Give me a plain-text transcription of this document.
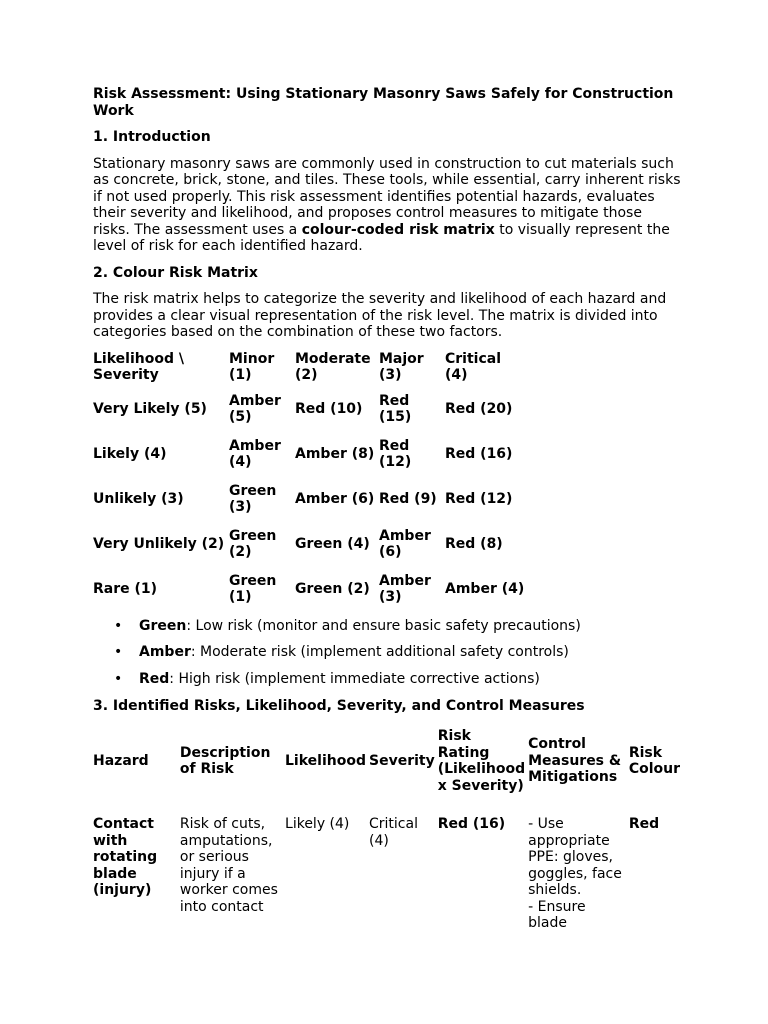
Risk Assessment: Using Stationary Masonry Saws Safely for Construction Work

1. Introduction

Stationary masonry saws are commonly used in construction to cut materials such as concrete, brick, stone, and tiles. These tools, while essential, carry inherent risks if not used properly. This risk assessment identifies potential hazards, evaluates their severity and likelihood, and proposes control measures to mitigate those risks. The assessment uses a colour-coded risk matrix to visually represent the level of risk for each identified hazard.

2. Colour Risk Matrix

The risk matrix helps to categorize the severity and likelihood of each hazard and provides a clear visual representation of the risk level. The matrix is divided into categories based on the combination of these two factors.

Likelihood \ Severity	Minor (1)	Moderate (2)	Major (3)	Critical (4)
Very Likely (5)	Amber (5)	Red (10)	Red (15)	Red (20)
Likely (4)	Amber (4)	Amber (8)	Red (12)	Red (16)
Unlikely (3)	Green (3)	Amber (6)	Red (9)	Red (12)
Very Unlikely (2)	Green (2)	Green (4)	Amber (6)	Red (8)
Rare (1)	Green (1)	Green (2)	Amber (3)	Amber (4)
• Green: Low risk (monitor and ensure basic safety precautions)
• Amber: Moderate risk (implement additional safety controls)
• Red: High risk (implement immediate corrective actions)

3. Identified Risks, Likelihood, Severity, and Control Measures

Hazard	Description of Risk	Likelihood	Severity	Risk Rating (Likelihood x Severity)	Control Measures & Mitigations	Risk Colour
Contact with rotating blade (injury)	Risk of cuts, amputations, or serious injury if a worker comes into contact	Likely (4)	Critical (4)	Red (16)	- Use appropriate PPE: gloves, goggles, face shields.
- Ensure blade	Red
